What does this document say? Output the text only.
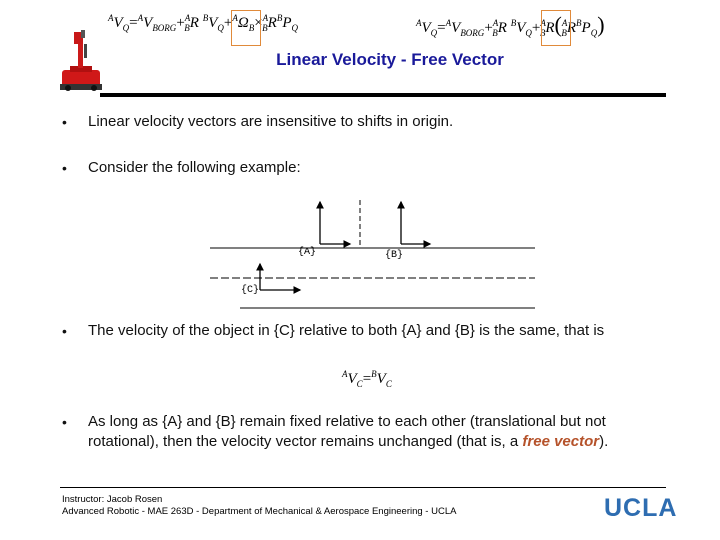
$^AV_Q=^AV_{BORG}+^A_BR$ $^BV_Q+^A\Omega_B\times^A_BR^BP_Q$	$^AV_Q=^AV_{BORG}+^A_BR$ $^BV_Q+^A_BR(^A_BR^BP_Q)$
Linear Velocity - Free Vector
• Linear velocity vectors are insensitive to shifts in origin.
• Consider the following example:
{A}	{B}
{C}
• The velocity of the object in {C} relative to both {A} and {B} is the same, that is
$^AV_C=^BV_C$
• As long as {A} and {B} remain fixed relative to each other (translational but not rotational), then the velocity vector remains unchanged (that is, a free vector).
Instructor: Jacob Rosen
Advanced Robotic - MAE 263D - Department of Mechanical & Aerospace Engineering - UCLA	UCLA
